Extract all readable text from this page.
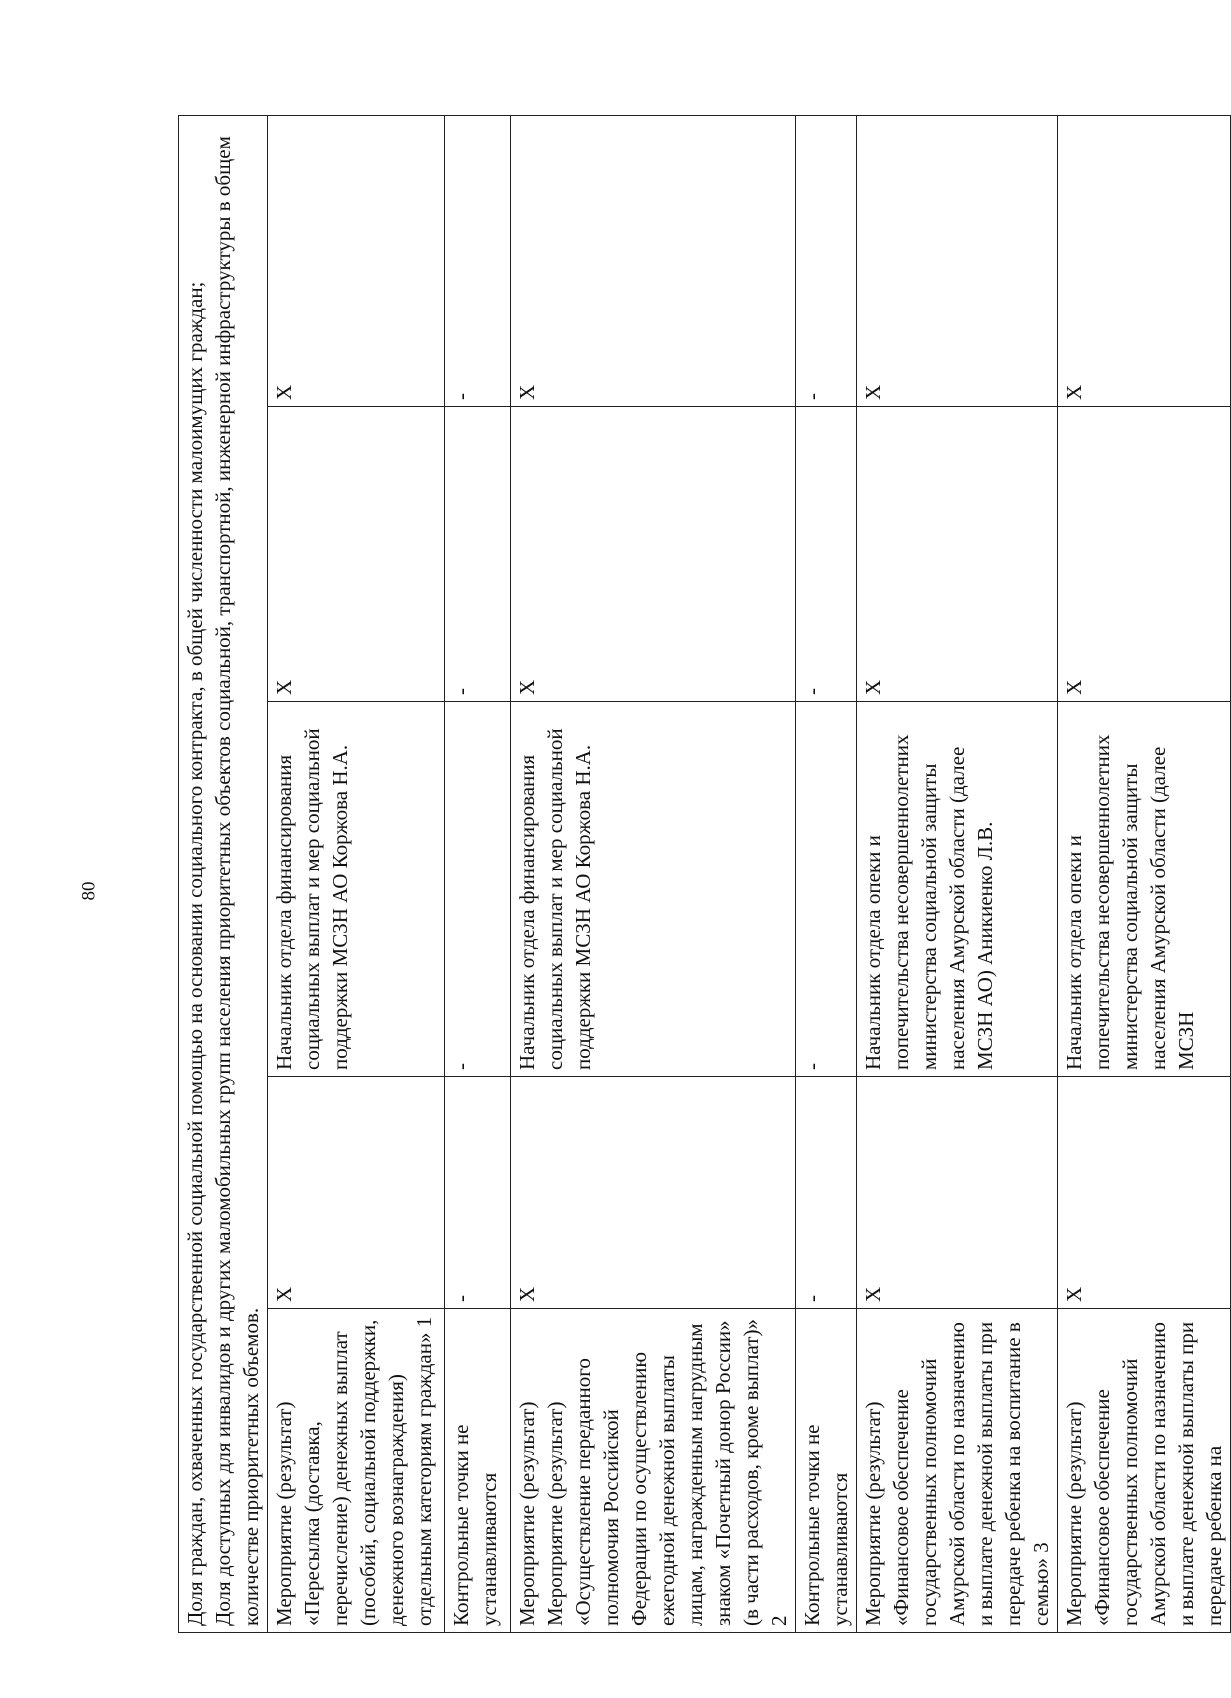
80	Доля граждан, охваченных государственной социальной помощью на основании социального контракта, в общей численности малоимущих граждан; Доля доступных для инвалидов и других маломобильных групп населения приоритетных объектов социальной, транспортной, инженерной инфраструктуры в общем количестве приоритетных объемов.				

Мероприятие (результат) «Пересылка (доставка, перечисление) денежных выплат (пособий, социальной поддержки, денежного вознаграждения) отдельным категориям граждан» 1	X	Начальник отдела финансирования социальных выплат и мер социальной поддержки МСЗН АО Коржова Н.А.	X	X
Контрольные точки не устанавливаются	-	-	-	-
Мероприятие (результат) Мероприятие (результат) «Осуществление переданного полномочия Российской Федерации по осуществлению ежегодной денежной выплаты лицам, награжденным нагрудным знаком «Почетный донор России» (в части расходов, кроме выплат)» 2	X	Начальник отдела финансирования социальных выплат и мер социальной поддержки МСЗН АО Коржова Н.А.	X	X
Контрольные точки не устанавливаются	-	-	-	-
Мероприятие (результат) «Финансовое обеспечение государственных полномочий Амурской области по назначению и выплате денежной выплаты при передаче ребенка на воспитание в семью» 3	X	Начальник отдела опеки и попечительства несовершеннолетних министерства социальной защиты населения Амурской области (далее МСЗН АО) Аникиенко Л.В.	X	X
Мероприятие (результат) «Финансовое обеспечение государственных полномочий Амурской области по назначению и выплате денежной выплаты при передаче ребенка на	X	Начальник отдела опеки и попечительства несовершеннолетних министерства социальной защиты населения Амурской области (далее МСЗН	X	X
